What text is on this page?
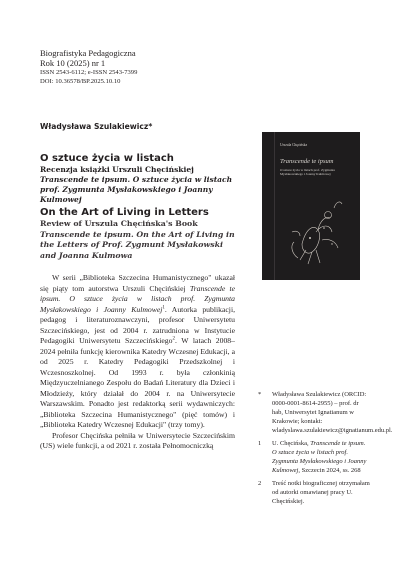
Biografistyka Pedagogiczna
Rok 10 (2025) nr 1
ISSN 2543-6112; e-ISSN 2543-7399
DOI: 10.36578/BP.2025.10.10
Władysława Szulakiewicz*
O sztuce życia w listach
Recenzja książki Urszuli Chęcińskiej Transcende te ipsum. O sztuce życia w listach prof. Zygmunta Mysłakowskiego i Joanny Kulmowej
On the Art of Living in Letters
Review of Urszula Chęcińska's Book Transcende te ipsum. On the Art of Living in the Letters of Prof. Zygmunt Mysłakowski and Joanna Kulmowa
Urszula Chęcińska
Transcende te ipsum
O sztuce życia w listach prof. Zygmunta Mysłakowskiego i Joanny Kulmowej

W serii „Biblioteka Szczecina Humanistycznego" ukazał się piąty tom autorstwa Urszuli Chęcińskiej Transcende te ipsum. O sztuce życia w listach prof. Zygmunta Mysłakowskiego i Joanny Kulmowej$^1$. Autorka publikacji, pedagog i literaturoznawczyni, profesor Uniwersytetu Szczecińskiego, jest od 2004 r. zatrudniona w Instytucie Pedagogiki Uniwersytetu Szczecińskiego$^2$. W latach 2008–2024 pełniła funkcję kierownika Katedry Wczesnej Edukacji, a od 2025 r. Katedry Pedagogiki Przedszkolnej i Wczesnoszkolnej. Od 1993 r. była członkinią Międzyuczelnianego Zespołu do Badań Literatury dla Dzieci i Młodzieży, który działał do 2004 r. na Uniwersytecie Warszawskim. Ponadto jest redaktorką serii wydawniczych: „Biblioteka Szczecina Humanistycznego" (pięć tomów) i „Biblioteka Katedry Wczesnej Edukacji" (trzy tomy).

Profesor Chęcińska pełniła w Uniwersytecie Szczecińskim (US) wiele funkcji, a od 2021 r. została Pełnomocniczką

* Władysława Szulakiewicz (ORCID: 0000-0001-8614-2955) – prof. dr hab, Uniwersytet Ignatianum w Krakowie; kontakt: wladyslawa.szulakiewicz@ignatianum.edu.pl.
1 U. Chęcińska, Transcende te ipsum. O sztuce życia w listach prof. Zygmunta Mysłakowskiego i Joanny Kulmowej, Szczecin 2024, ss. 268
2 Treść notki biograficznej otrzymałam od autorki omawianej pracy U. Chęcińskiej.
